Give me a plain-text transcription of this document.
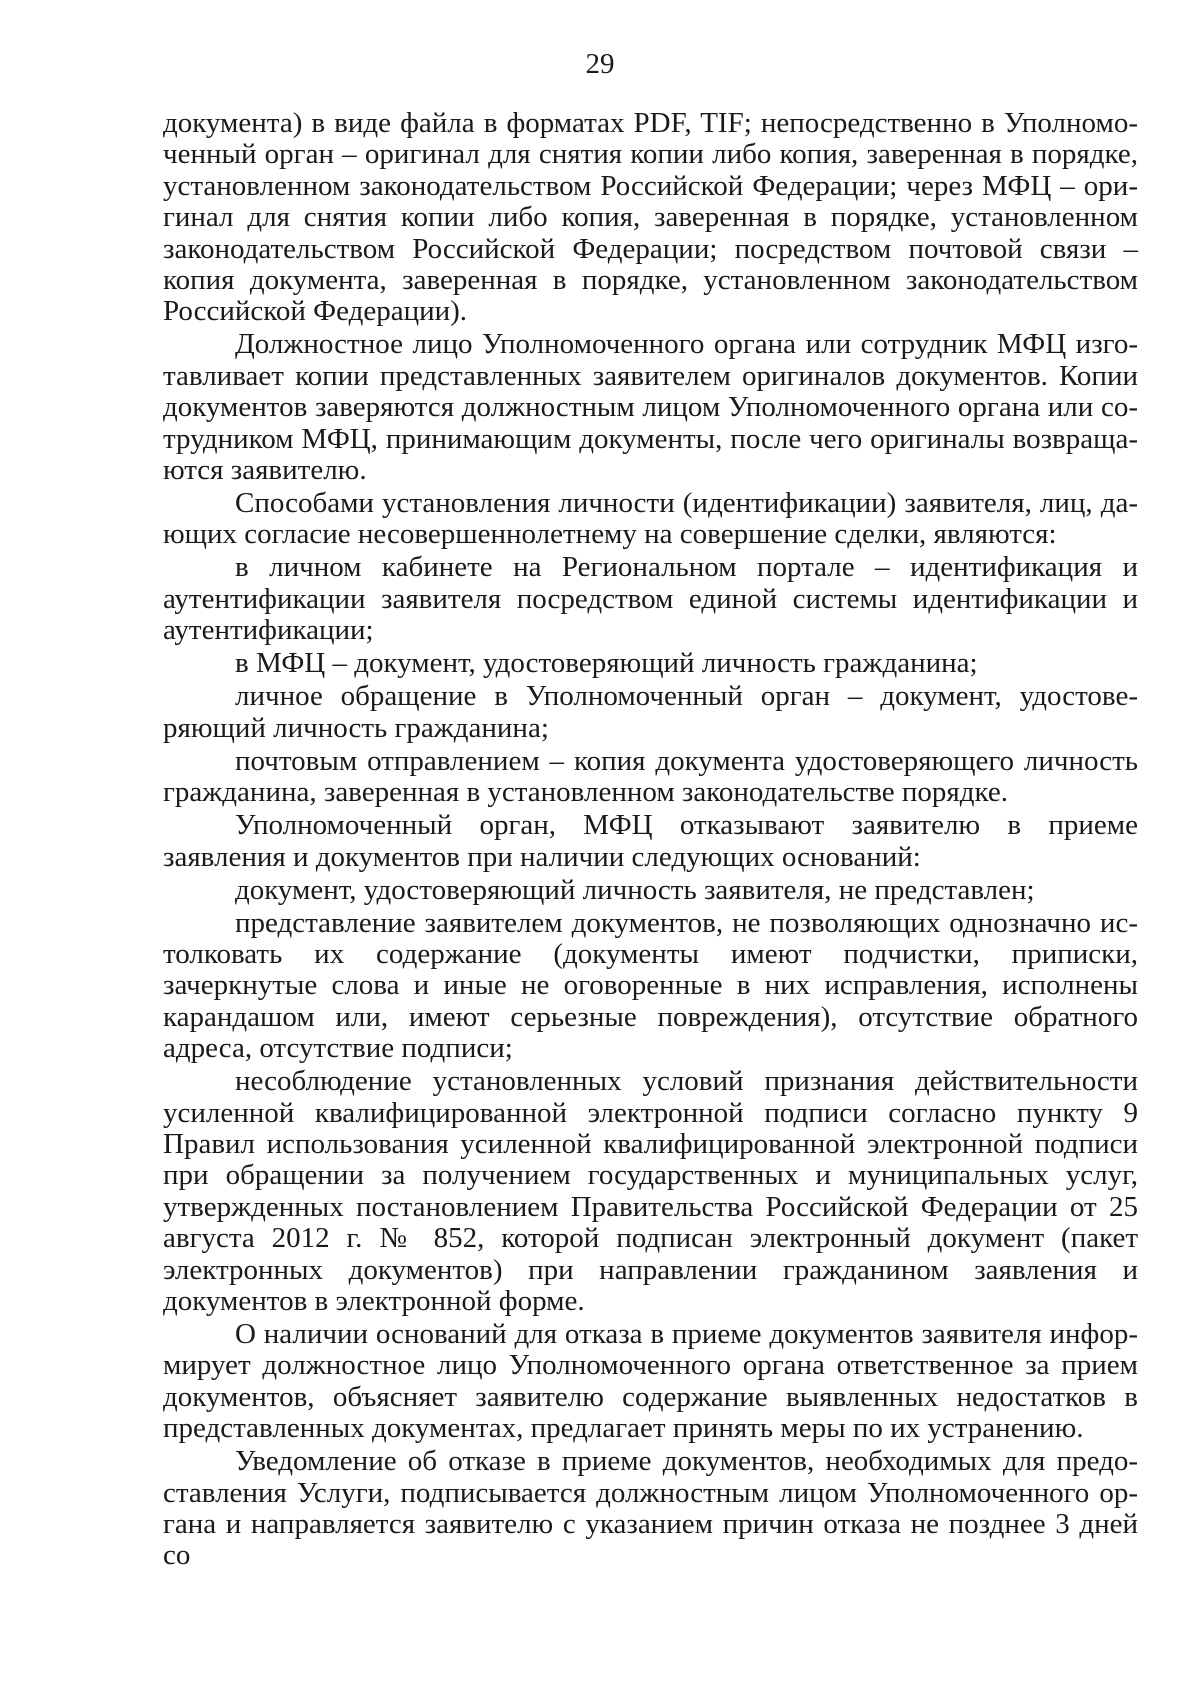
29

документа) в виде файла в форматах PDF, TIF; непосредственно в Уполномоченный орган – оригинал для снятия копии либо копия, заверенная в порядке, установленном законодательством Российской Федерации; через МФЦ – оригинал для снятия копии либо копия, заверенная в порядке, установленном законодательством Российской Федерации; посредством почтовой связи – копия документа, заверенная в порядке, установленном законодательством Российской Федерации).

Должностное лицо Уполномоченного органа или сотрудник МФЦ изготавливает копии представленных заявителем оригиналов документов. Копии документов заверяются должностным лицом Уполномоченного органа или сотрудником МФЦ, принимающим документы, после чего оригиналы возвращаются заявителю.

Способами установления личности (идентификации) заявителя, лиц, дающих согласие несовершеннолетнему на совершение сделки, являются:

в личном кабинете на Региональном портале – идентификация и аутентификации заявителя посредством единой системы идентификации и аутентификации;

в МФЦ – документ, удостоверяющий личность гражданина;

личное обращение в Уполномоченный орган – документ, удостоверяющий личность гражданина;

почтовым отправлением – копия документа удостоверяющего личность гражданина, заверенная в установленном законодательстве порядке.

Уполномоченный орган, МФЦ отказывают заявителю в приеме заявления и документов при наличии следующих оснований:

документ, удостоверяющий личность заявителя, не представлен;

представление заявителем документов, не позволяющих однозначно истолковать их содержание (документы имеют подчистки, приписки, зачеркнутые слова и иные не оговоренные в них исправления, исполнены карандашом или, имеют серьезные повреждения), отсутствие обратного адреса, отсутствие подписи;

несоблюдение установленных условий признания действительности усиленной квалифицированной электронной подписи согласно пункту 9 Правил использования усиленной квалифицированной электронной подписи при обращении за получением государственных и муниципальных услуг, утвержденных постановлением Правительства Российской Федерации от 25 августа 2012 г. № 852, которой подписан электронный документ (пакет электронных документов) при направлении гражданином заявления и документов в электронной форме.

О наличии оснований для отказа в приеме документов заявителя информирует должностное лицо Уполномоченного органа ответственное за прием документов, объясняет заявителю содержание выявленных недостатков в представленных документах, предлагает принять меры по их устранению.

Уведомление об отказе в приеме документов, необходимых для предоставления Услуги, подписывается должностным лицом Уполномоченного органа и направляется заявителю с указанием причин отказа не позднее 3 дней со
